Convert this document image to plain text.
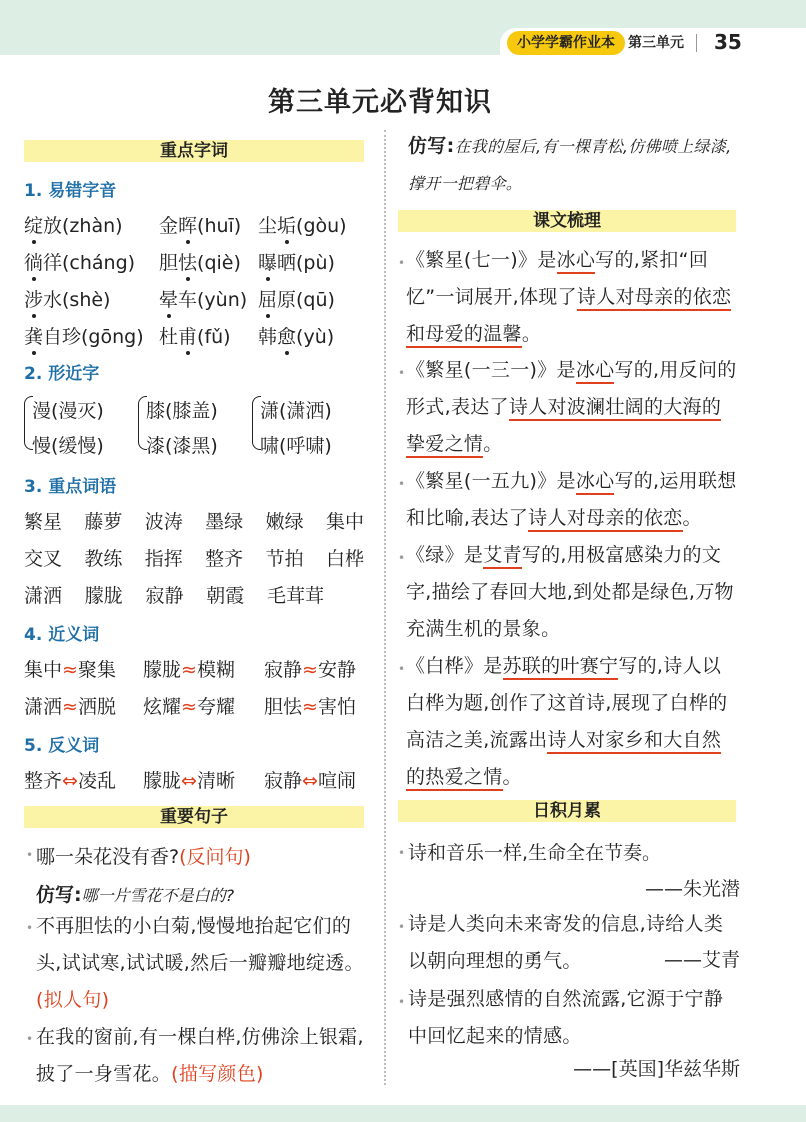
小学学霸作业本 第三单元 35
第三单元必背知识
重点字词
1. 易错字音
绽放(zhàn) 金晖(huī) 尘垢(gòu)
徜徉(cháng) 胆怯(qiè) 曝晒(pù)
涉水(shè)	晕车(yùn) 屈原(qū)
龚自珍(gōng) 杜甫(fǔ) 韩愈(yù)
2. 形近字
漫(漫灭)
慢(缓慢)
膝(膝盖)
漆(漆黑)
潇(潇洒)
啸(呼啸)
3. 重点词语
繁星 藤萝 波涛 墨绿 嫩绿 集中
交叉 教练 指挥 整齐 节拍 白桦
潇洒 朦胧 寂静 朝霞 毛茸茸
4. 近义词
集中≈聚集 朦胧≈模糊 寂静≈安静
潇洒≈洒脱 炫耀≈夸耀 胆怯≈害怕
5. 反义词
整齐⇔凌乱 朦胧⇔清晰 寂静⇔喧闹
重要句子
• 哪一朵花没有香?(反问句)
仿写:哪一片雪花不是白的?
• 不再胆怯的小白菊,慢慢地抬起它们的头,试试寒,试试暖,然后一瓣瓣地绽透。(拟人句)
• 在我的窗前,有一棵白桦,仿佛涂上银霜,披了一身雪花。(描写颜色)
仿写:在我的屋后,有一棵青松,仿佛喷上绿漆,撑开一把碧伞。
课文梳理
• 《繁星(七一)》是冰心写的,紧扣“回忆”一词展开,体现了诗人对母亲的依恋和母爱的温馨。
• 《繁星(一三一)》是冰心写的,用反问的形式,表达了诗人对波澜壮阔的大海的挚爱之情。
• 《繁星(一五九)》是冰心写的,运用联想和比喻,表达了诗人对母亲的依恋。
• 《绿》是艾青写的,用极富感染力的文字,描绘了春回大地,到处都是绿色,万物充满生机的景象。
• 《白桦》是苏联的叶赛宁写的,诗人以白桦为题,创作了这首诗,展现了白桦的高洁之美,流露出诗人对家乡和大自然的热爱之情。
日积月累
• 诗和音乐一样,生命全在节奏。
——朱光潜
• 诗是人类向未来寄发的信息,诗给人类以朝向理想的勇气。	——艾青
• 诗是强烈感情的自然流露,它源于宁静中回忆起来的情感。
——[英国]华兹华斯
